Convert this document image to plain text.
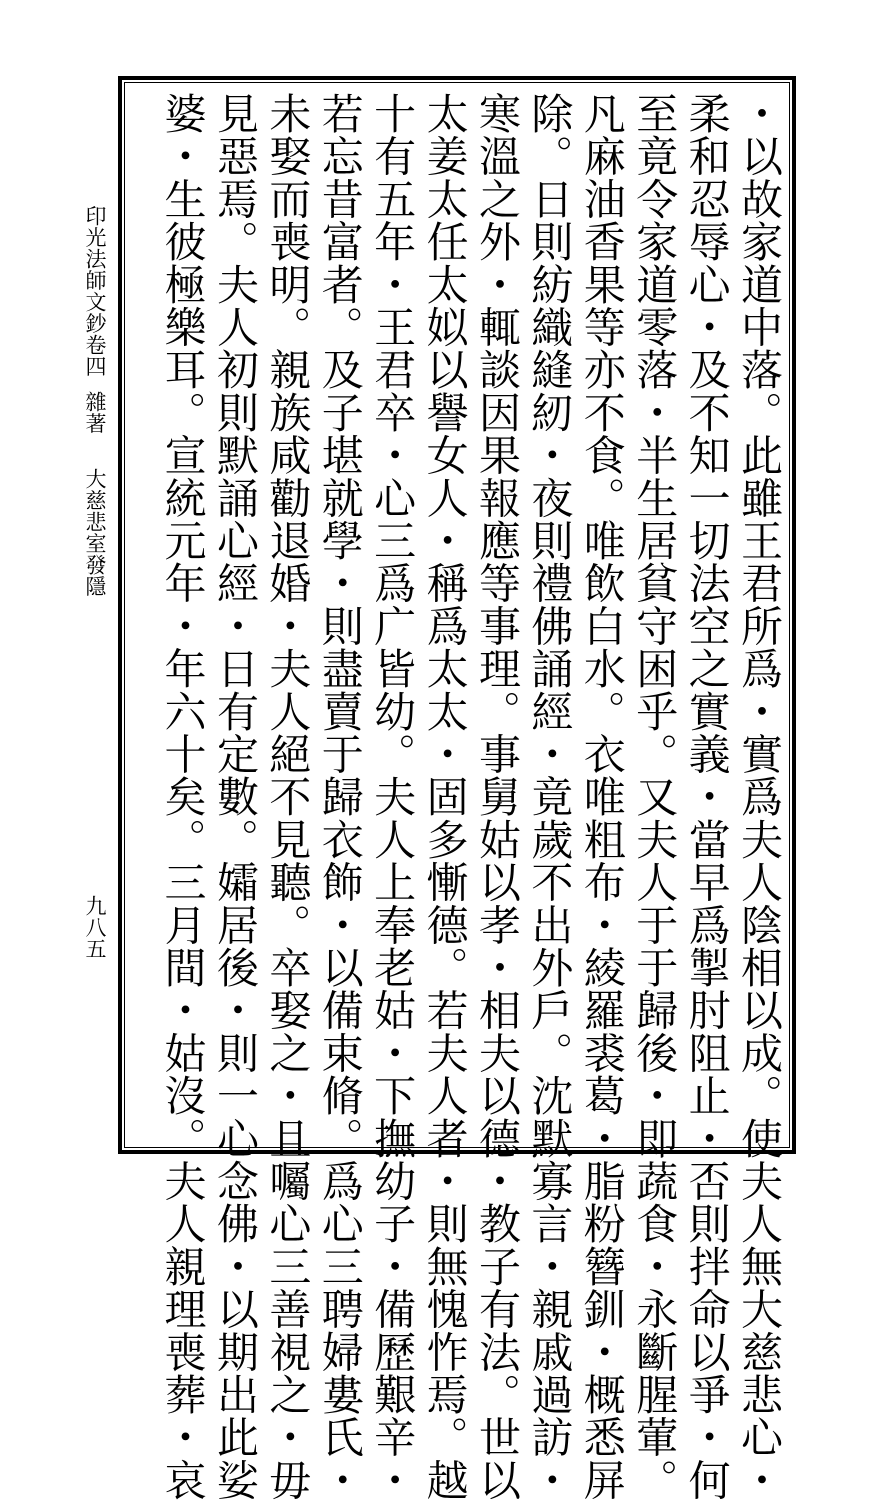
印光法師文鈔卷四雜著大慈悲室發隱	・以故家道中落。此雖王君所爲・實爲夫人陰相以成。使夫人無大慈悲心・
柔和忍辱心・及不知一切法空之實義・當早爲掣肘阻止・否則拌命以爭・何
至竟令家道零落・半生居貧守困乎。又夫人于于歸後・即蔬食・永斷腥葷。
凡麻油香果等亦不食。唯飲白水。衣唯粗布・綾羅裘葛・脂粉簪釧・概悉屏
除。日則紡織縫紉・夜則禮佛誦經・竟歲不出外戶。沈默寡言・親戚過訪・
寒溫之外・輒談因果報應等事理。事舅姑以孝・相夫以德・教子有法。世以
太姜太任太姒以譽女人・稱爲太太・固多慚德。若夫人者・則無愧怍焉。越
十有五年・王君卒・心三爲广皆幼。夫人上奉老姑・下撫幼子・備歷艱辛・
若忘昔富者。及子堪就學・則盡賣于歸衣飾・以備束脩。爲心三聘婦婁氏・
未娶而喪明。親族咸勸退婚・夫人絕不見聽。卒娶之・且囑心三善視之・毋
見惡焉。夫人初則默誦心經・日有定數。孀居後・則一心念佛・以期出此娑
婆・生彼極樂耳。宣統元年・年六十矣。三月間・姑沒。夫人親理喪葬・哀
九八五
